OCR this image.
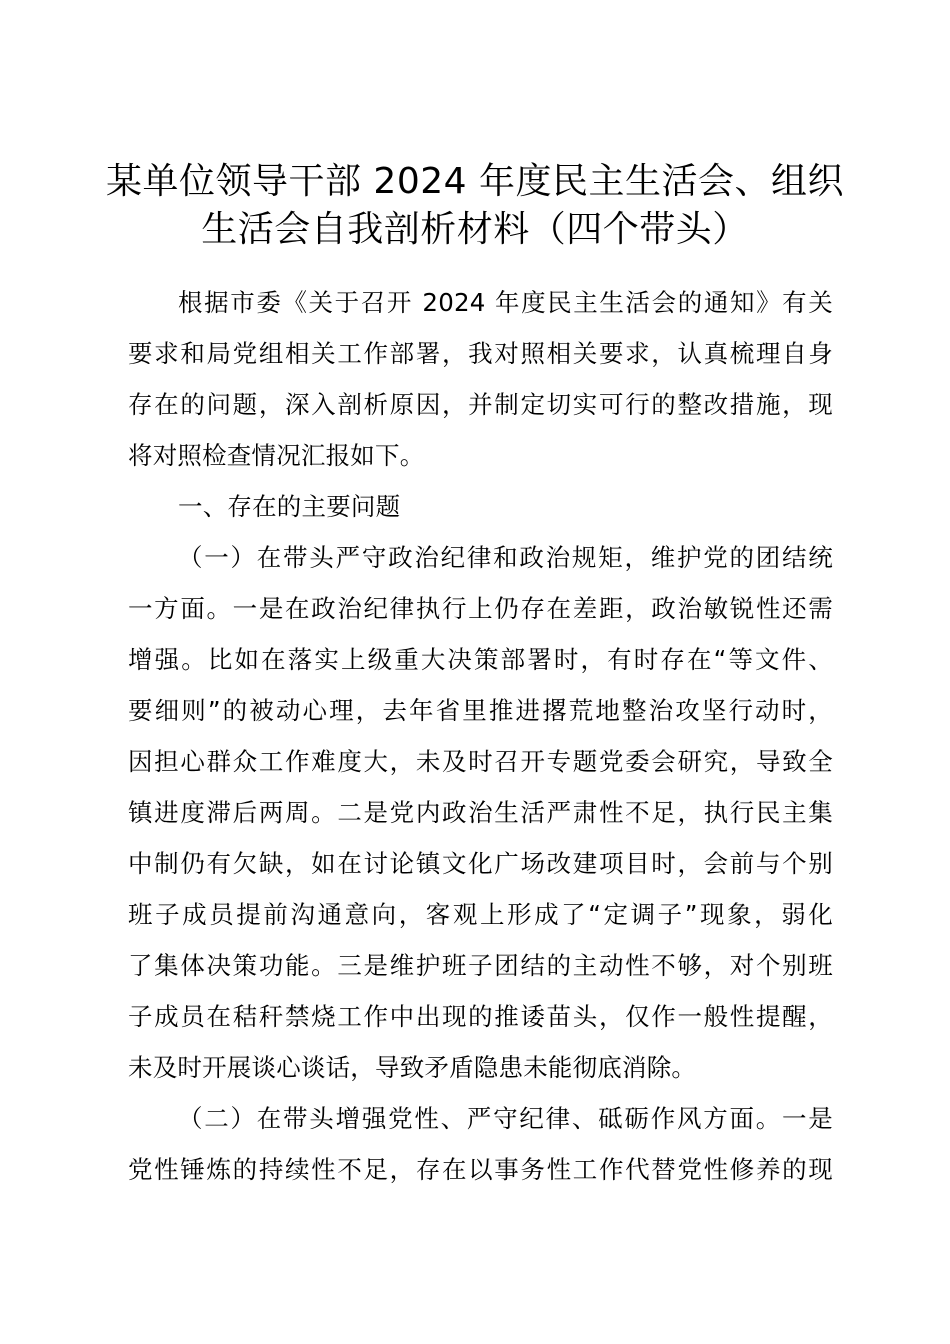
某单位领导干部 2024 年度民主生活会、组织
生活会自我剖析材料（四个带头）
根据市委《关于召开 2024 年度民主生活会的通知》有关
要求和局党组相关工作部署，我对照相关要求，认真梳理自身
存在的问题，深入剖析原因，并制定切实可行的整改措施，现
将对照检查情况汇报如下。
一、存在的主要问题
（一）在带头严守政治纪律和政治规矩，维护党的团结统
一方面。一是在政治纪律执行上仍存在差距，政治敏锐性还需
增强。比如在落实上级重大决策部署时，有时存在“等文件、
要细则”的被动心理，去年省里推进撂荒地整治攻坚行动时，
因担心群众工作难度大，未及时召开专题党委会研究，导致全
镇进度滞后两周。二是党内政治生活严肃性不足，执行民主集
中制仍有欠缺，如在讨论镇文化广场改建项目时，会前与个别
班子成员提前沟通意向，客观上形成了“定调子”现象，弱化
了集体决策功能。三是维护班子团结的主动性不够，对个别班
子成员在秸秆禁烧工作中出现的推诿苗头，仅作一般性提醒，
未及时开展谈心谈话，导致矛盾隐患未能彻底消除。
（二）在带头增强党性、严守纪律、砥砺作风方面。一是
党性锤炼的持续性不足，存在以事务性工作代替党性修养的现
